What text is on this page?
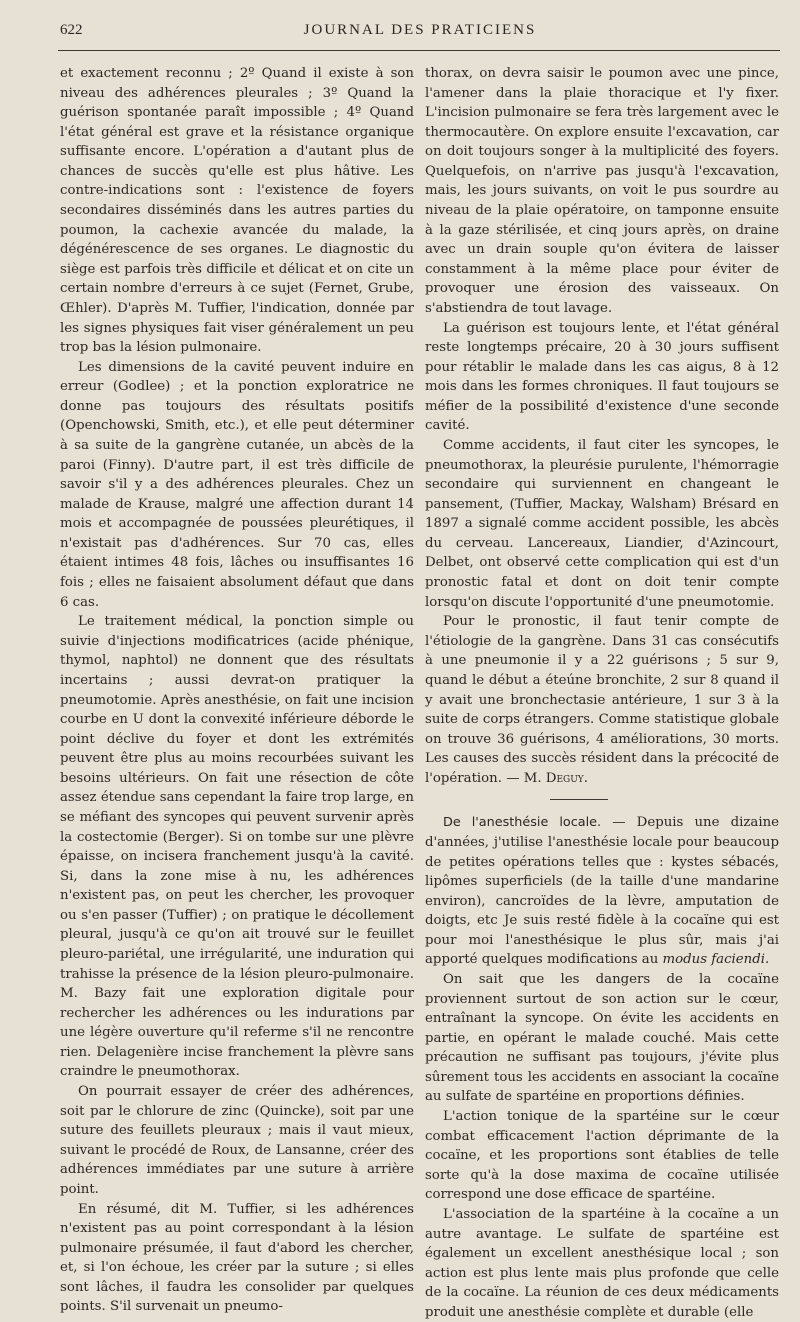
622	JOURNAL DES PRATICIENS

et exactement reconnu ; 2º Quand il existe à son niveau des adhérences pleurales ; 3º Quand la guérison spontanée paraît impossible ; 4º Quand l'état général est grave et la résistance organique suffisante encore. L'opération a d'autant plus de chances de succès qu'elle est plus hâtive. Les contre-indications sont : l'existence de foyers secondaires disséminés dans les autres parties du poumon, la cachexie avancée du malade, la dégénérescence de ses organes. Le diagnostic du siège est parfois très difficile et délicat et on cite un certain nombre d'erreurs à ce sujet (Fernet, Grube, Œhler). D'après M. Tuffier, l'indication, donnée par les signes physiques fait viser généralement un peu trop bas la lésion pulmonaire.

Les dimensions de la cavité peuvent induire en erreur (Godlee) ; et la ponction exploratrice ne donne pas toujours des résultats positifs (Openchowski, Smith, etc.), et elle peut déterminer à sa suite de la gangrène cutanée, un abcès de la paroi (Finny). D'autre part, il est très difficile de savoir s'il y a des adhérences pleurales. Chez un malade de Krause, malgré une affection durant 14 mois et accompagnée de poussées pleurétiques, il n'existait pas d'adhérences. Sur 70 cas, elles étaient intimes 48 fois, lâches ou insuffisantes 16 fois ; elles ne faisaient absolument défaut que dans 6 cas.

Le traitement médical, la ponction simple ou suivie d'injections modificatrices (acide phénique, thymol, naphtol) ne donnent que des résultats incertains ; aussi devrat-on pratiquer la pneumotomie. Après anesthésie, on fait une incision courbe en U dont la convexité inférieure déborde le point déclive du foyer et dont les extrémités peuvent être plus au moins recourbées suivant les besoins ultérieurs. On fait une résection de côte assez étendue sans cependant la faire trop large, en se méfiant des syncopes qui peuvent survenir après la costectomie (Berger). Si on tombe sur une plèvre épaisse, on incisera franchement jusqu'à la cavité. Si, dans la zone mise à nu, les adhérences n'existent pas, on peut les chercher, les provoquer ou s'en passer (Tuffier) ; on pratique le décollement pleural, jusqu'à ce qu'on ait trouvé sur le feuillet pleuro-pariétal, une irrégularité, une induration qui trahisse la présence de la lésion pleuro-pulmonaire. M. Bazy fait une exploration digitale pour rechercher les adhérences ou les indurations par une légère ouverture qu'il referme s'il ne rencontre rien. Delagenière incise franchement la plèvre sans craindre le pneumothorax.

On pourrait essayer de créer des adhérences, soit par le chlorure de zinc (Quincke), soit par une suture des feuillets pleuraux ; mais il vaut mieux, suivant le procédé de Roux, de Lansanne, créer des adhérences immédiates par une suture à arrière point.

En résumé, dit M. Tuffier, si les adhérences n'existent pas au point correspondant à la lésion pulmonaire présumée, il faut d'abord les chercher, et, si l'on échoue, les créer par la suture ; si elles sont lâches, il faudra les consolider par quelques points. S'il survenait un pneumo-

thorax, on devra saisir le poumon avec une pince, l'amener dans la plaie thoracique et l'y fixer. L'incision pulmonaire se fera très largement avec le thermocautère. On explore ensuite l'excavation, car on doit toujours songer à la multiplicité des foyers. Quelquefois, on n'arrive pas jusqu'à l'excavation, mais, les jours suivants, on voit le pus sourdre au niveau de la plaie opératoire, on tamponne ensuite à la gaze stérilisée, et cinq jours après, on draine avec un drain souple qu'on évitera de laisser constamment à la même place pour éviter de provoquer une érosion des vaisseaux. On s'abstiendra de tout lavage.

La guérison est toujours lente, et l'état général reste longtemps précaire, 20 à 30 jours suffisent pour rétablir le malade dans les cas aigus, 8 à 12 mois dans les formes chroniques. Il faut toujours se méfier de la possibilité d'existence d'une seconde cavité.

Comme accidents, il faut citer les syncopes, le pneumothorax, la pleurésie purulente, l'hémorragie secondaire qui surviennent en changeant le pansement, (Tuffier, Mackay, Walsham) Brésard en 1897 a signalé comme accident possible, les abcès du cerveau. Lancereaux, Liandier, d'Azincourt, Delbet, ont observé cette complication qui est d'un pronostic fatal et dont on doit tenir compte lorsqu'on discute l'opportunité d'une pneumotomie.

Pour le pronostic, il faut tenir compte de l'étiologie de la gangrène. Dans 31 cas consécutifs à une pneumonie il y a 22 guérisons ; 5 sur 9, quand le début a éteúne bronchite, 2 sur 8 quand il y avait une bronchectasie antérieure, 1 sur 3 à la suite de corps étrangers. Comme statistique globale on trouve 36 guérisons, 4 améliorations, 30 morts. Les causes des succès résident dans la précocité de l'opération. — M. Deguy.

De l'anesthésie locale. — Depuis une dizaine d'années, j'utilise l'anesthésie locale pour beaucoup de petites opérations telles que : kystes sébacés, lipômes superficiels (de la taille d'une mandarine environ), cancroïdes de la lèvre, amputation de doigts, etc Je suis resté fidèle à la cocaïne qui est pour moi l'anesthésique le plus sûr, mais j'ai apporté quelques modifications au modus faciendi.

On sait que les dangers de la cocaïne proviennent surtout de son action sur le cœur, entraînant la syncope. On évite les accidents en partie, en opérant le malade couché. Mais cette précaution ne suffisant pas toujours, j'évite plus sûrement tous les accidents en associant la cocaïne au sulfate de spartéine en proportions définies.

L'action tonique de la spartéine sur le cœur combat efficacement l'action déprimante de la cocaïne, et les proportions sont établies de telle sorte qu'à la dose maxima de cocaïne utilisée correspond une dose efficace de spartéine.

L'association de la spartéine à la cocaïne a un autre avantage. Le sulfate de spartéine est également un excellent anesthésique local ; son action est plus lente mais plus profonde que celle de la cocaïne. La réunion de ces deux médicaments produit une anesthésie complète et durable (elle
